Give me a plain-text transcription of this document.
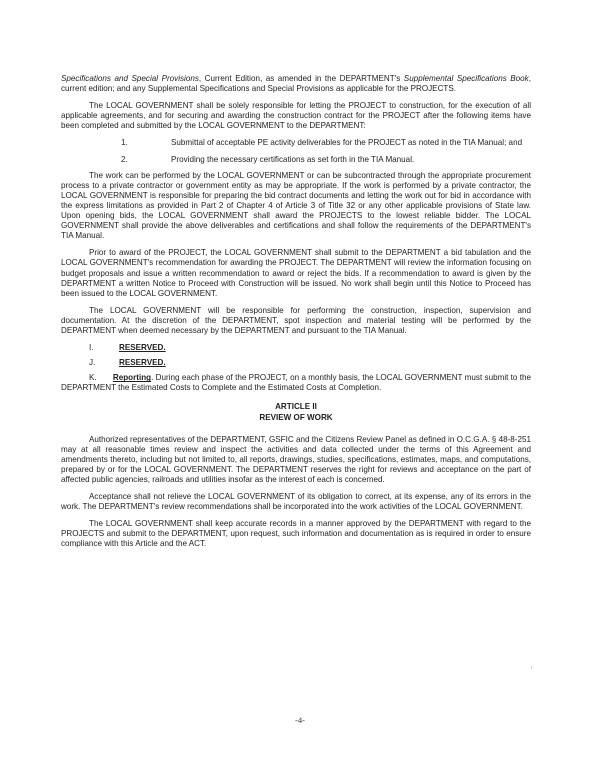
Specifications and Special Provisions, Current Edition, as amended in the DEPARTMENT's Supplemental Specifications Book, current edition; and any Supplemental Specifications and Special Provisions as applicable for the PROJECTS.

The LOCAL GOVERNMENT shall be solely responsible for letting the PROJECT to construction, for the execution of all applicable agreements, and for securing and awarding the construction contract for the PROJECT after the following items have been completed and submitted by the LOCAL GOVERNMENT to the DEPARTMENT:

1.	Submittal of acceptable PE activity deliverables for the PROJECT as noted in the TIA Manual; and
2.	Providing the necessary certifications as set forth in the TIA Manual.

The work can be performed by the LOCAL GOVERNMENT or can be subcontracted through the appropriate procurement process to a private contractor or government entity as may be appropriate. If the work is performed by a private contractor, the LOCAL GOVERNMENT is responsible for preparing the bid contract documents and letting the work out for bid in accordance with the express limitations as provided in Part 2 of Chapter 4 of Article 3 of Title 32 or any other applicable provisions of State law. Upon opening bids, the LOCAL GOVERNMENT shall award the PROJECTS to the lowest reliable bidder. The LOCAL GOVERNMENT shall provide the above deliverables and certifications and shall follow the requirements of the DEPARTMENT's TIA Manual.

Prior to award of the PROJECT, the LOCAL GOVERNMENT shall submit to the DEPARTMENT a bid tabulation and the LOCAL GOVERNMENT's recommendation for awarding the PROJECT. The DEPARTMENT will review the information focusing on budget proposals and issue a written recommendation to award or reject the bids. If a recommendation to award is given by the DEPARTMENT a written Notice to Proceed with Construction will be issued. No work shall begin until this Notice to Proceed has been issued to the LOCAL GOVERNMENT.

The LOCAL GOVERNMENT will be responsible for performing the construction, inspection, supervision and documentation. At the discretion of the DEPARTMENT, spot inspection and material testing will be performed by the DEPARTMENT when deemed necessary by the DEPARTMENT and pursuant to the TIA Manual.

I.	RESERVED.
J.	RESERVED.

K. Reporting. During each phase of the PROJECT, on a monthly basis, the LOCAL GOVERNMENT must submit to the DEPARTMENT the Estimated Costs to Complete and the Estimated Costs at Completion.

ARTICLE II

REVIEW OF WORK

Authorized representatives of the DEPARTMENT, GSFIC and the Citizens Review Panel as defined in O.C.G.A. § 48-8-251 may at all reasonable times review and inspect the activities and data collected under the terms of this Agreement and amendments thereto, including but not limited to, all reports, drawings, studies, specifications, estimates, maps, and computations, prepared by or for the LOCAL GOVERNMENT. The DEPARTMENT reserves the right for reviews and acceptance on the part of affected public agencies, railroads and utilities insofar as the interest of each is concerned.

Acceptance shall not relieve the LOCAL GOVERNMENT of its obligation to correct, at its expense, any of its errors in the work. The DEPARTMENT's review recommendations shall be incorporated into the work activities of the LOCAL GOVERNMENT.

The LOCAL GOVERNMENT shall keep accurate records in a manner approved by the DEPARTMENT with regard to the PROJECTS and submit to the DEPARTMENT, upon request, such information and documentation as is required in order to ensure compliance with this Article and the ACT.

-4-
